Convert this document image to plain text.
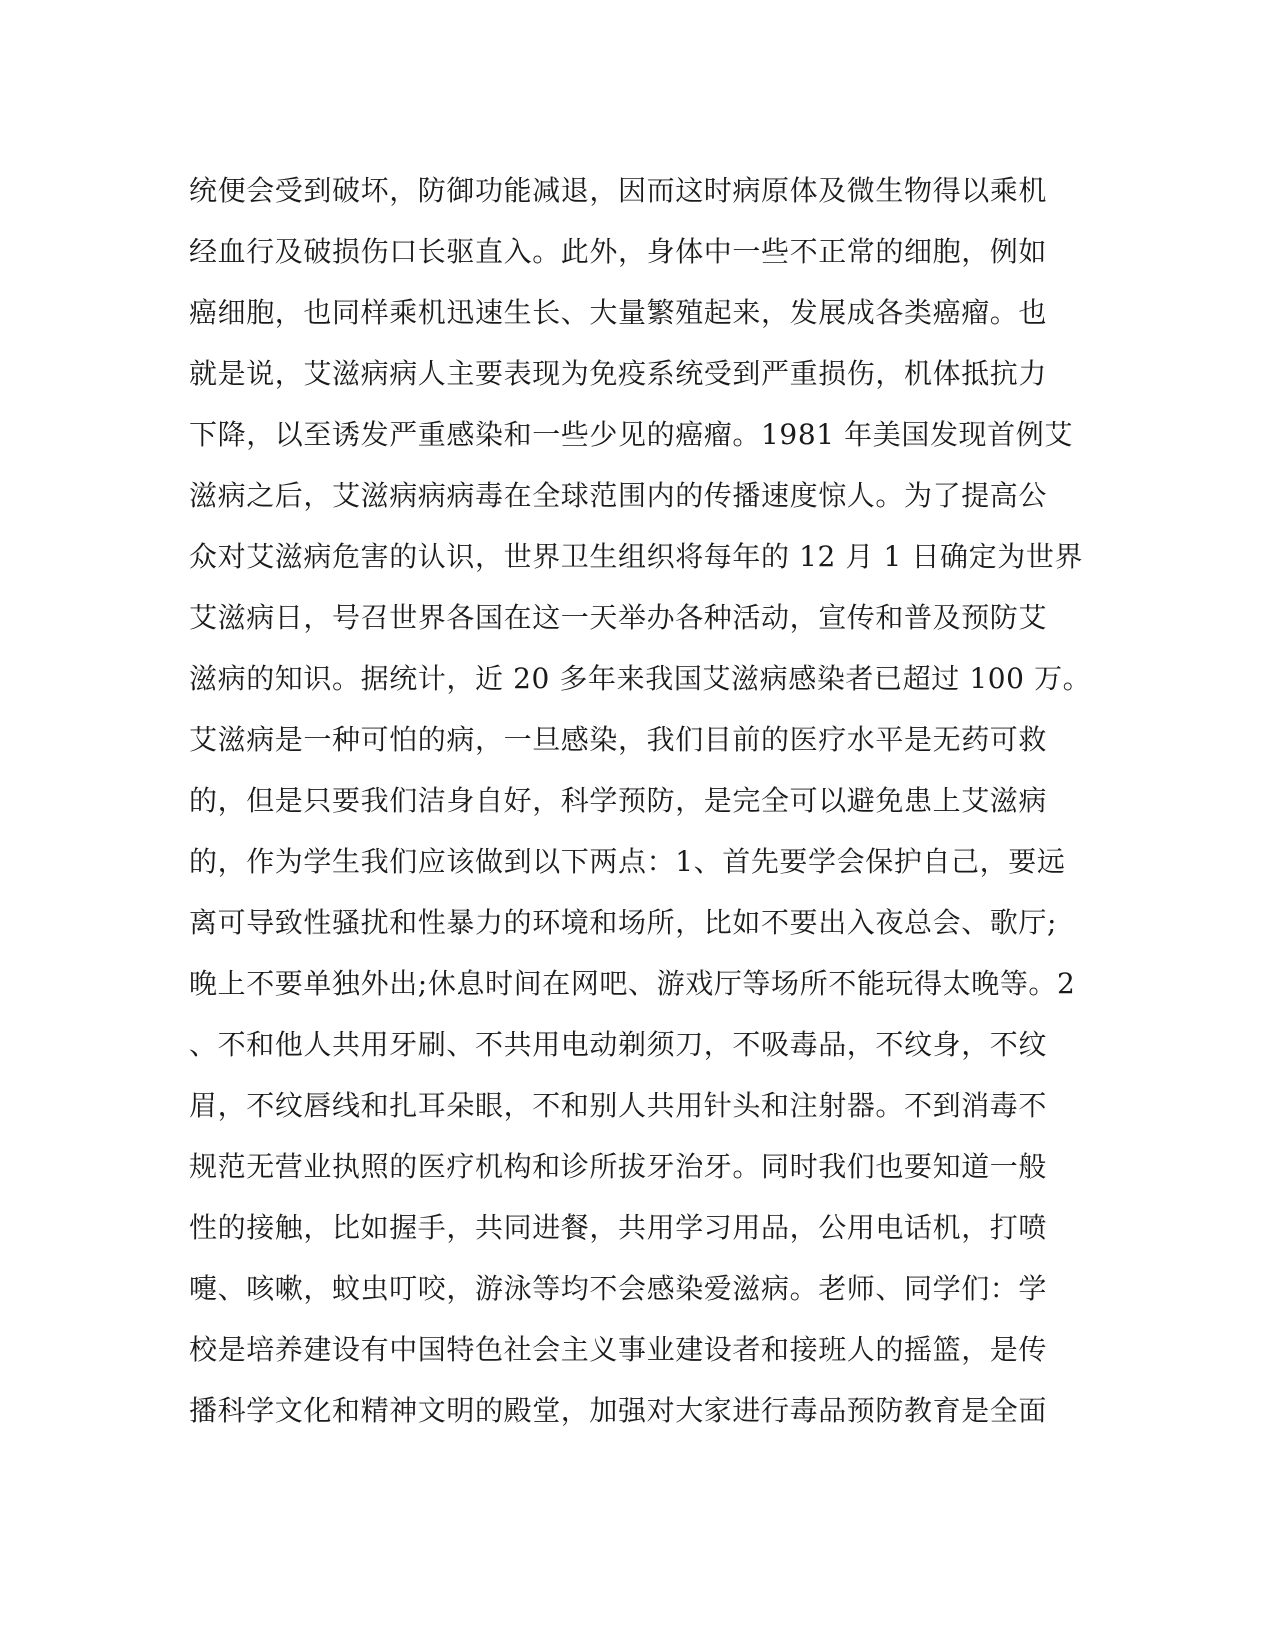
统便会受到破坏，防御功能减退，因而这时病原体及微生物得以乘机
经血行及破损伤口长驱直入。此外，身体中一些不正常的细胞，例如
癌细胞，也同样乘机迅速生长、大量繁殖起来，发展成各类癌瘤。也
就是说，艾滋病病人主要表现为免疫系统受到严重损伤，机体抵抗力
下降，以至诱发严重感染和一些少见的癌瘤。1981 年美国发现首例艾
滋病之后，艾滋病病病毒在全球范围内的传播速度惊人。为了提高公
众对艾滋病危害的认识，世界卫生组织将每年的 12 月 1 日确定为世界
艾滋病日，号召世界各国在这一天举办各种活动，宣传和普及预防艾
滋病的知识。据统计，近 20 多年来我国艾滋病感染者已超过 100 万。
艾滋病是一种可怕的病，一旦感染，我们目前的医疗水平是无药可救
的，但是只要我们洁身自好，科学预防，是完全可以避免患上艾滋病
的，作为学生我们应该做到以下两点：1、首先要学会保护自己，要远
离可导致性骚扰和性暴力的环境和场所，比如不要出入夜总会、歌厅;
晚上不要单独外出;休息时间在网吧、游戏厅等场所不能玩得太晚等。2
、不和他人共用牙刷、不共用电动剃须刀，不吸毒品，不纹身，不纹
眉，不纹唇线和扎耳朵眼，不和别人共用针头和注射器。不到消毒不
规范无营业执照的医疗机构和诊所拔牙治牙。同时我们也要知道一般
性的接触，比如握手，共同进餐，共用学习用品，公用电话机，打喷
嚏、咳嗽，蚊虫叮咬，游泳等均不会感染爱滋病。老师、同学们：学
校是培养建设有中国特色社会主义事业建设者和接班人的摇篮，是传
播科学文化和精神文明的殿堂，加强对大家进行毒品预防教育是全面
